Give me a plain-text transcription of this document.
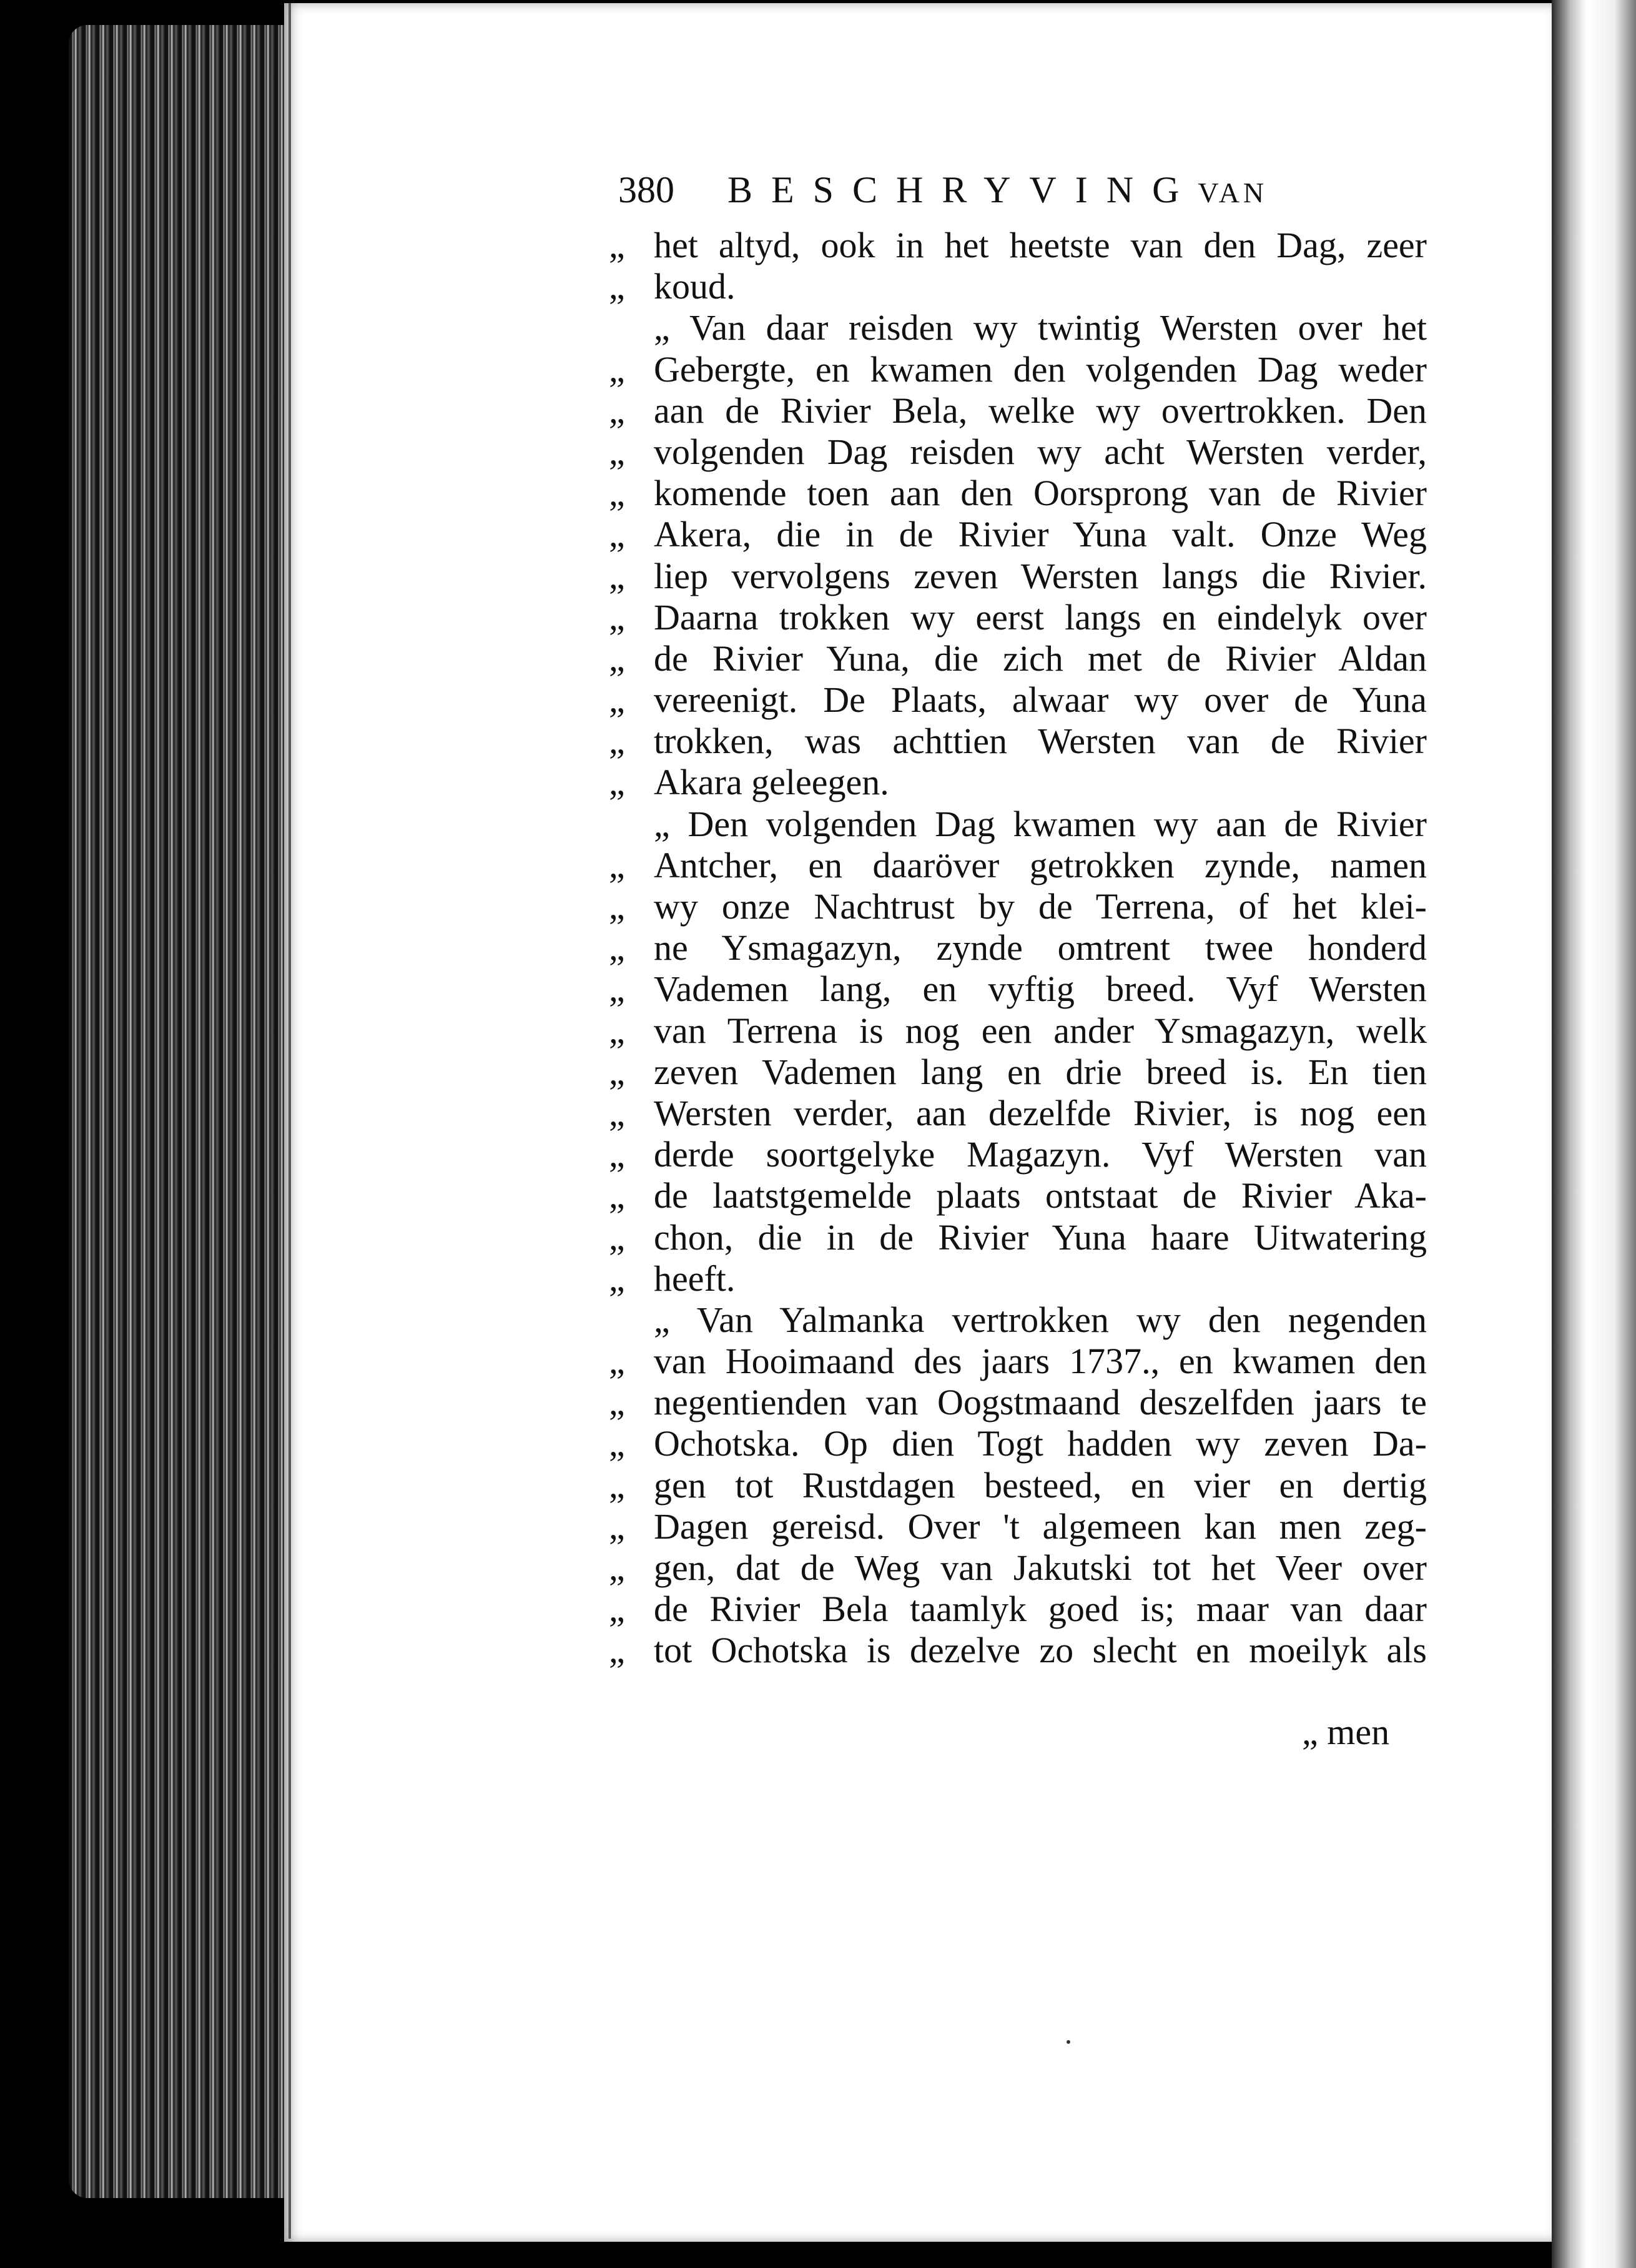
380 BESCHRYVINGVAN
„ het altyd, ook in het heetste van den Dag, zeer
„ koud.
„ Van daar reisden wy twintig Wersten over het
„ Gebergte, en kwamen den volgenden Dag weder
„ aan de Rivier Bela, welke wy overtrokken. Den
„ volgenden Dag reisden wy acht Wersten verder,
„ komende toen aan den Oorsprong van de Rivier
„ Akera, die in de Rivier Yuna valt. Onze Weg
„ liep vervolgens zeven Wersten langs die Rivier.
„ Daarna trokken wy eerst langs en eindelyk over
„ de Rivier Yuna, die zich met de Rivier Aldan
„ vereenigt. De Plaats, alwaar wy over de Yuna
„ trokken, was achttien Wersten van de Rivier
„ Akara geleegen.
„ Den volgenden Dag kwamen wy aan de Rivier
„ Antcher, en daaröver getrokken zynde, namen
„ wy onze Nachtrust by de Terrena, of het klei-
„ ne Ysmagazyn, zynde omtrent twee honderd
„ Vademen lang, en vyftig breed. Vyf Wersten
„ van Terrena is nog een ander Ysmagazyn, welk
„ zeven Vademen lang en drie breed is. En tien
„ Wersten verder, aan dezelfde Rivier, is nog een
„ derde soortgelyke Magazyn. Vyf Wersten van
„ de laatstgemelde plaats ontstaat de Rivier Aka-
„ chon, die in de Rivier Yuna haare Uitwatering
„ heeft.
„ Van Yalmanka vertrokken wy den negenden
„ van Hooimaand des jaars 1737., en kwamen den
„ negentienden van Oogstmaand deszelfden jaars te
„ Ochotska. Op dien Togt hadden wy zeven Da-
„ gen tot Rustdagen besteed, en vier en dertig
„ Dagen gereisd. Over 't algemeen kan men zeg-
„ gen, dat de Weg van Jakutski tot het Veer over
„ de Rivier Bela taamlyk goed is; maar van daar
„ tot Ochotska is dezelve zo slecht en moeilyk als
„ men
